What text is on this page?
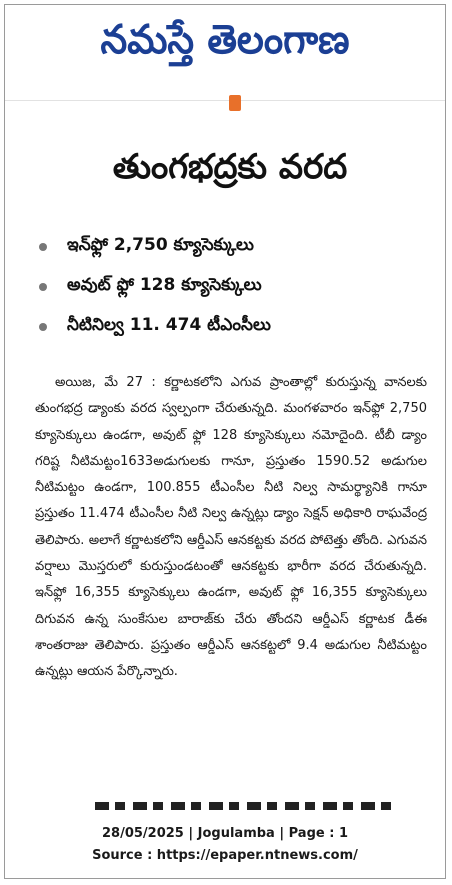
నమస్తే తెలంగాణ
తుంగభద్రకు వరద
ఇన్‌ఫ్లో 2,750 క్యూసెక్కులు
అవుట్ ఫ్లో 128 క్యూసెక్కులు
నీటినిల్వ 11. 474 టీఎంసీలు
అయిజ, మే 27 : కర్ణాటకలోని ఎగువ ప్రాంతాల్లో కురుస్తున్న వానలకు తుంగభద్ర డ్యాంకు వరద స్వల్పంగా చేరుతున్నది. మంగళవారం ఇన్‌ఫ్లో 2,750 క్యూసెక్కులు ఉండగా, అవుట్ ఫ్లో 128 క్యూసెక్కులు నమోదైంది. టీబీ డ్యాం గరిష్ట నీటిమట్టం1633అడుగులకు గానూ, ప్రస్తుతం 1590.52 అడుగుల నీటిమట్టం ఉండగా, 100.855 టీఎంసీల నీటి నిల్వ సామర్థ్యానికి గానూ ప్రస్తుతం 11.474 టీఎంసీల నీటి నిల్వ ఉన్నట్లు డ్యాం సెక్షన్ అధికారి రాఘవేంద్ర తెలిపారు. అలాగే కర్ణాటకలోని ఆర్డీఎస్ ఆనకట్టకు వరద పోటెత్తు తోంది. ఎగువన వర్షాలు మొస్తరులో కురుస్తుండటంతో ఆనకట్టకు భారీగా వరద చేరుతున్నది. ఇన్‌ఫ్లో 16,355 క్యూసెక్కులు ఉండగా, అవుట్ ఫ్లో 16,355 క్యూసెక్కులు దిగువన ఉన్న సుంకేసుల బారాజ్‌కు చేరు తోందని ఆర్డీఎస్ కర్ణాటక డీఈ శాంతరాజు తెలిపారు. ప్రస్తుతం ఆర్డీఎస్ ఆనకట్టలో 9.4 అడుగుల నీటిమట్టం ఉన్నట్లు ఆయన పేర్కొన్నారు.
28/05/2025 | Jogulamba | Page : 1
Source : https://epaper.ntnews.com/
